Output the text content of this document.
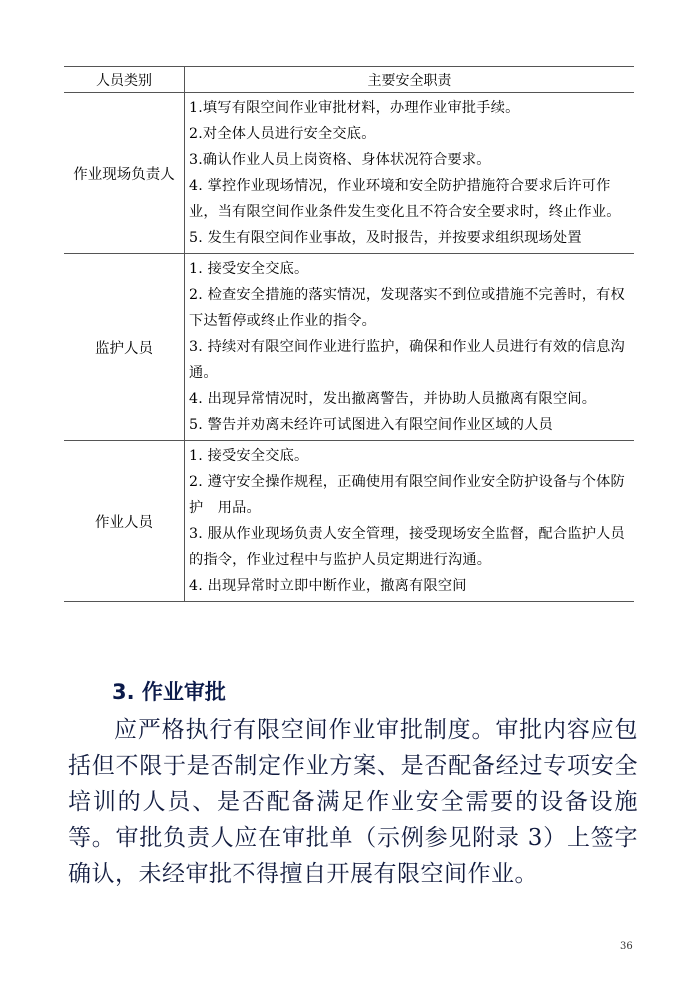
人员类别	主要安全职责
作业现场负责人	1.填写有限空间作业审批材料，办理作业审批手续。
2.对全体人员进行安全交底。
3.确认作业人员上岗资格、身体状况符合要求。
4. 掌控作业现场情况，作业环境和安全防护措施符合要求后许可作业，当有限空间作业条件发生变化且不符合安全要求时，终止作业。
5. 发生有限空间作业事故，及时报告，并按要求组织现场处置

监护人员	1. 接受安全交底。
2. 检查安全措施的落实情况，发现落实不到位或措施不完善时，有权下达暂停或终止作业的指令。
3. 持续对有限空间作业进行监护，确保和作业人员进行有效的信息沟通。
4. 出现异常情况时，发出撤离警告，并协助人员撤离有限空间。
5. 警告并劝离未经许可试图进入有限空间作业区域的人员

作业人员	1. 接受安全交底。
2. 遵守安全操作规程，正确使用有限空间作业安全防护设备与个体防护　用品。
3. 服从作业现场负责人安全管理，接受现场安全监督，配合监护人员的指令，作业过程中与监护人员定期进行沟通。
4. 出现异常时立即中断作业，撤离有限空间
3. 作业审批
应严格执行有限空间作业审批制度。审批内容应包括但不限于是否制定作业方案、是否配备经过专项安全培训的人员、是否配备满足作业安全需要的设备设施等。审批负责人应在审批单（示例参见附录 3）上签字确认，未经审批不得擅自开展有限空间作业。
36
